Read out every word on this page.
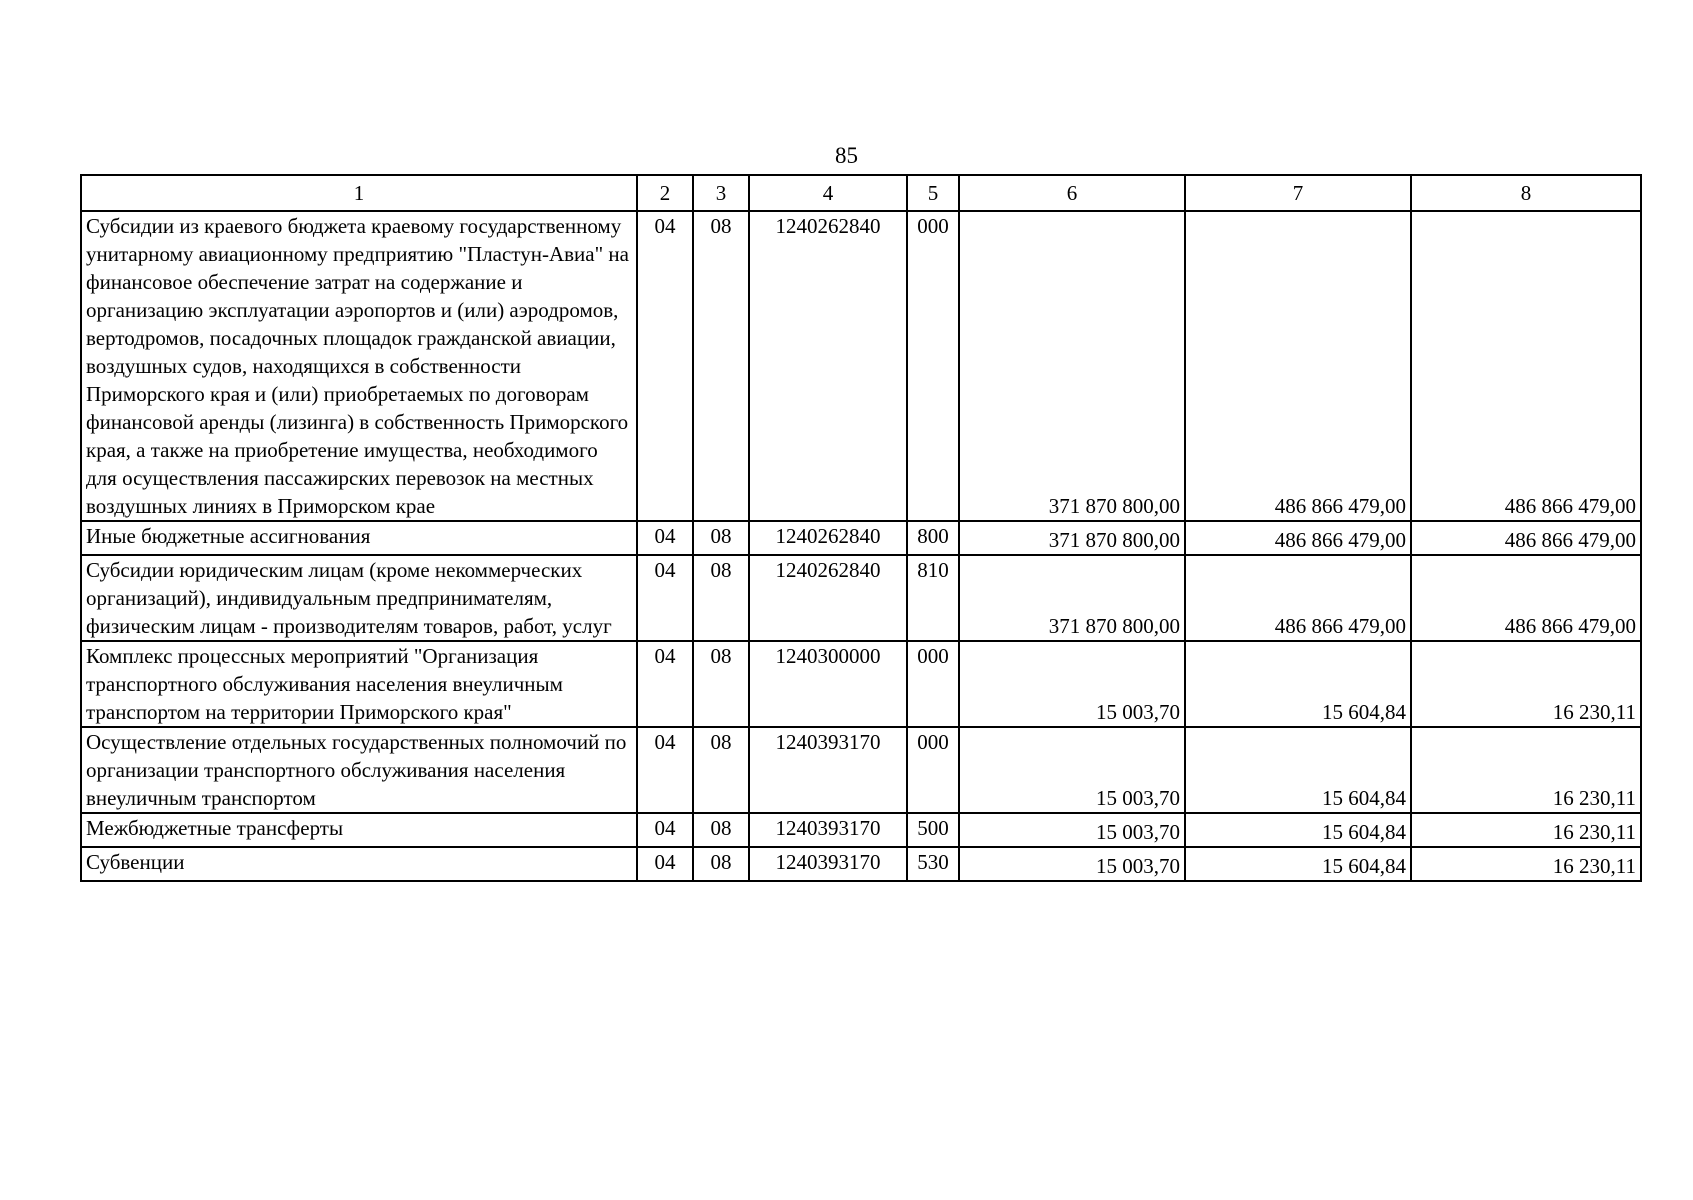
85
1	2	3	4	5	6	7	8
Субсидии из краевого бюджета краевому государственному унитарному авиационному предприятию "Пластун-Авиа" на финансовое обеспечение затрат на содержание и организацию эксплуатации аэропортов и (или) аэродромов, вертодромов, посадочных площадок гражданской авиации, воздушных судов, находящихся в собственности Приморского края и (или) приобретаемых по договорам финансовой аренды (лизинга) в собственность Приморского края, а также на приобретение имущества, необходимого для осуществления пассажирских перевозок на местных воздушных линиях в Приморском крае	04	08	1240262840	000	371 870 800,00	486 866 479,00	486 866 479,00
Иные бюджетные ассигнования	04	08	1240262840	800	371 870 800,00	486 866 479,00	486 866 479,00
Субсидии юридическим лицам (кроме некоммерческих организаций), индивидуальным предпринимателям, физическим лицам - производителям товаров, работ, услуг	04	08	1240262840	810	371 870 800,00	486 866 479,00	486 866 479,00
Комплекс процессных мероприятий "Организация транспортного обслуживания населения внеуличным транспортом на территории Приморского края"	04	08	1240300000	000	15 003,70	15 604,84	16 230,11
Осуществление отдельных государственных полномочий по организации транспортного обслуживания населения внеуличным транспортом	04	08	1240393170	000	15 003,70	15 604,84	16 230,11
Межбюджетные трансферты	04	08	1240393170	500	15 003,70	15 604,84	16 230,11
Субвенции	04	08	1240393170	530	15 003,70	15 604,84	16 230,11
